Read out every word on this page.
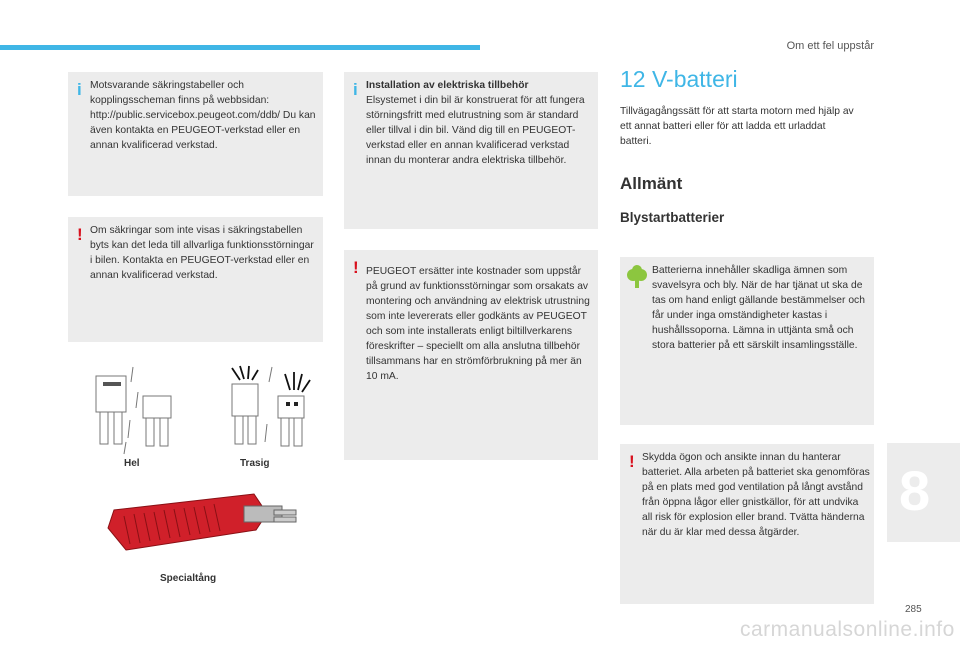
Om ett fel uppstår
i Motsvarande säkringstabeller och kopplingsscheman finns på webbsidan: http://public.servicebox.peugeot.com/ddb/ Du kan även kontakta en PEUGEOT-verkstad eller en annan kvalificerad verkstad.
! Om säkringar som inte visas i säkringstabellen byts kan det leda till allvarliga funktionsstörningar i bilen. Kontakta en PEUGEOT-verkstad eller en annan kvalificerad verkstad.
Hel	Trasig
Specialtång
i Installation av elektriska tillbehör
Elsystemet i din bil är konstruerat för att fungera störningsfritt med elutrustning som är standard eller tillval i din bil. Vänd dig till en PEUGEOT-verkstad eller en annan kvalificerad verkstad innan du monterar andra elektriska tillbehör.
! PEUGEOT ersätter inte kostnader som uppstår på grund av funktionsstörningar som orsakats av montering och användning av elektrisk utrustning som inte levererats eller godkänts av PEUGEOT och som inte installerats enligt biltillverkarens föreskrifter – speciellt om alla anslutna tillbehör tillsammans har en strömförbrukning på mer än 10 mA.
12 V-batteri
Tillvägagångssätt för att starta motorn med hjälp av ett annat batteri eller för att ladda ett urladdat batteri.
Allmänt
Blystartbatterier
Batterierna innehåller skadliga ämnen som svavelsyra och bly. När de har tjänat ut ska de tas om hand enligt gällande bestämmelser och får under inga omständigheter kastas i hushållssoporna. Lämna in uttjänta små och stora batterier på ett särskilt insamlingsställe.
! Skydda ögon och ansikte innan du hanterar batteriet. Alla arbeten på batteriet ska genomföras på en plats med god ventilation på långt avstånd från öppna lågor eller gnistkällor, för att undvika all risk för explosion eller brand. Tvätta händerna när du är klar med dessa åtgärder.
8
285
carmanualsonline.info
